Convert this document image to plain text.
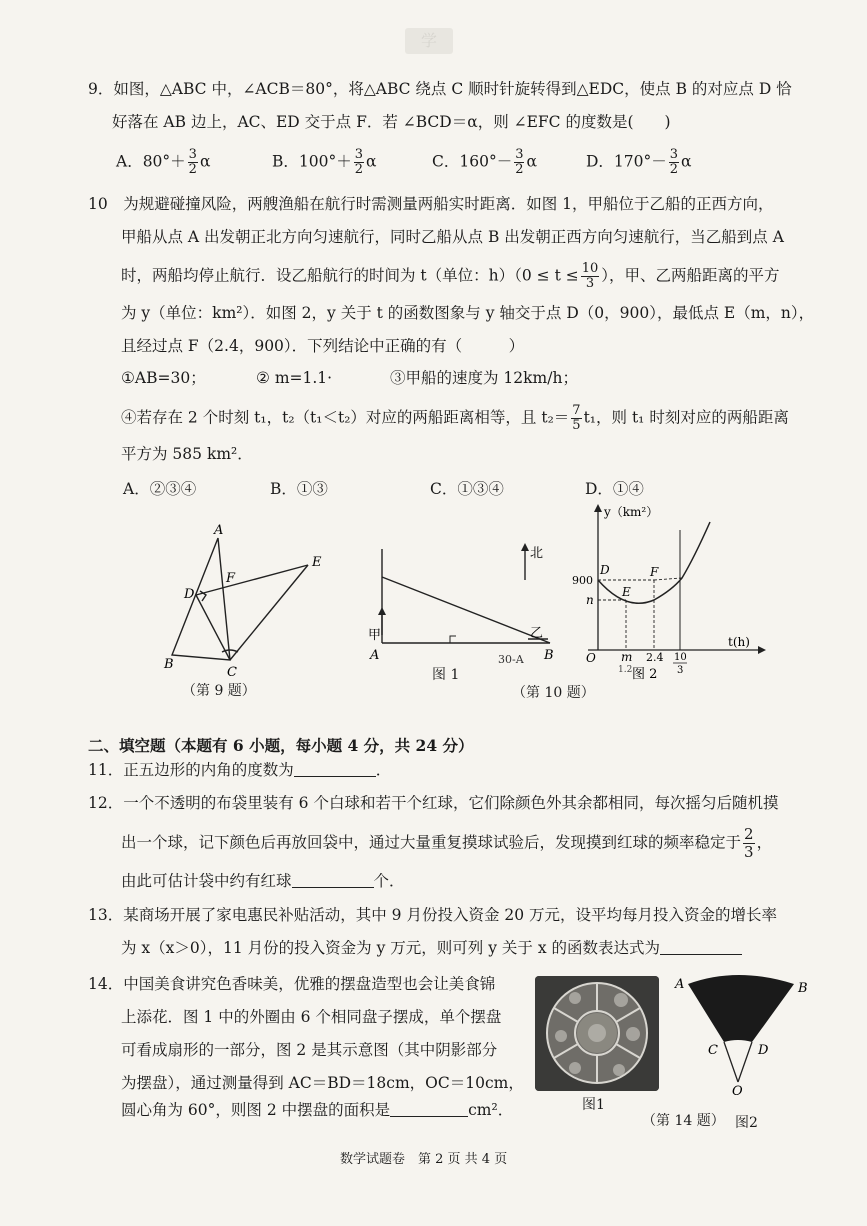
学
9．如图，△ABC 中，∠ACB＝80°，将△ABC 绕点 C 顺时针旋转得到△EDC，使点 B 的对应点 D 恰
好落在 AB 边上，AC、ED 交于点 F．若 ∠BCD＝α，则 ∠EFC 的度数是(　　)
A．$80^\circ+ \frac{3}{2}$ α	B．$100^\circ+ \frac{3}{2}$ α	C．$160^\circ- \frac{3}{2}$ α	D．$170^\circ- \frac{3}{2}$ α
10　为规避碰撞风险，两艘渔船在航行时需测量两船实时距离．如图 1，甲船位于乙船的正西方向，
甲船从点 A 出发朝正北方向匀速航行，同时乙船从点 B 出发朝正西方向匀速航行，当乙船到点 A
时，两船均停止航行．设乙船航行的时间为 t（单位：$h)(0 \le t \le \frac{10}{3}$ ），甲、乙两船距离的平方
为 y（单位：km²）．如图 2，y 关于 t 的函数图象与 y 轴交于点 D（0，900），最低点 E（m，n），
且经过点 F（2.4，900）．下列结论中正确的有（　　　）
①AB=30；	② m=1.1·	③甲船的速度为 12km/h；
④若存在 2 个时刻 t₁，t₂（t₁＜t₂）对应的两船距离相等，且 $t_2= \frac{7}{5} t_1$，则 t₁ 时刻对应的两船距离
平方为 585 km²．
A．②③④	B．①③	C．①③④	D．①④
A
B
C
D
E
F
（第 9 题）
北
甲	乙
A	B
30-A
图 1
y（km²）
t(h)
900
n
O m 2.4 10
3
D
E
F
1.2 图 2
（第 10 题）
二、填空题（本题有 6 小题，每小题 4 分，共 24 分）
11．正五边形的内角的度数为	．
12．一个不透明的布袋里装有 6 个白球和若干个红球，它们除颜色外其余都相同，每次摇匀后随机摸
出一个球，记下颜色后再放回袋中，通过大量重复摸球试验后，发现摸到红球的频率稳定于 $\frac{2}{3}$ ，
由此可估计袋中约有红球	个．
13．某商场开展了家电惠民补贴活动，其中 9 月份投入资金 20 万元，设平均每月投入资金的增长率
为 x（x＞0），11 月份的投入资金为 y 万元，则可列 y 关于 x 的函数表达式为
14．中国美食讲究色香味美，优雅的摆盘造型也会让美食锦
上添花．图 1 中的外圈由 6 个相同盘子摆成，单个摆盘
可看成扇形的一部分，图 2 是其示意图（其中阴影部分
为摆盘），通过测量得到 AC＝BD＝18cm，OC＝10cm，
圆心角为 60°，则图 2 中摆盘的面积是	cm²．	图1
A	B
C	D
O
图2
（第 14 题）
数学试题卷　第 2 页 共 4 页
